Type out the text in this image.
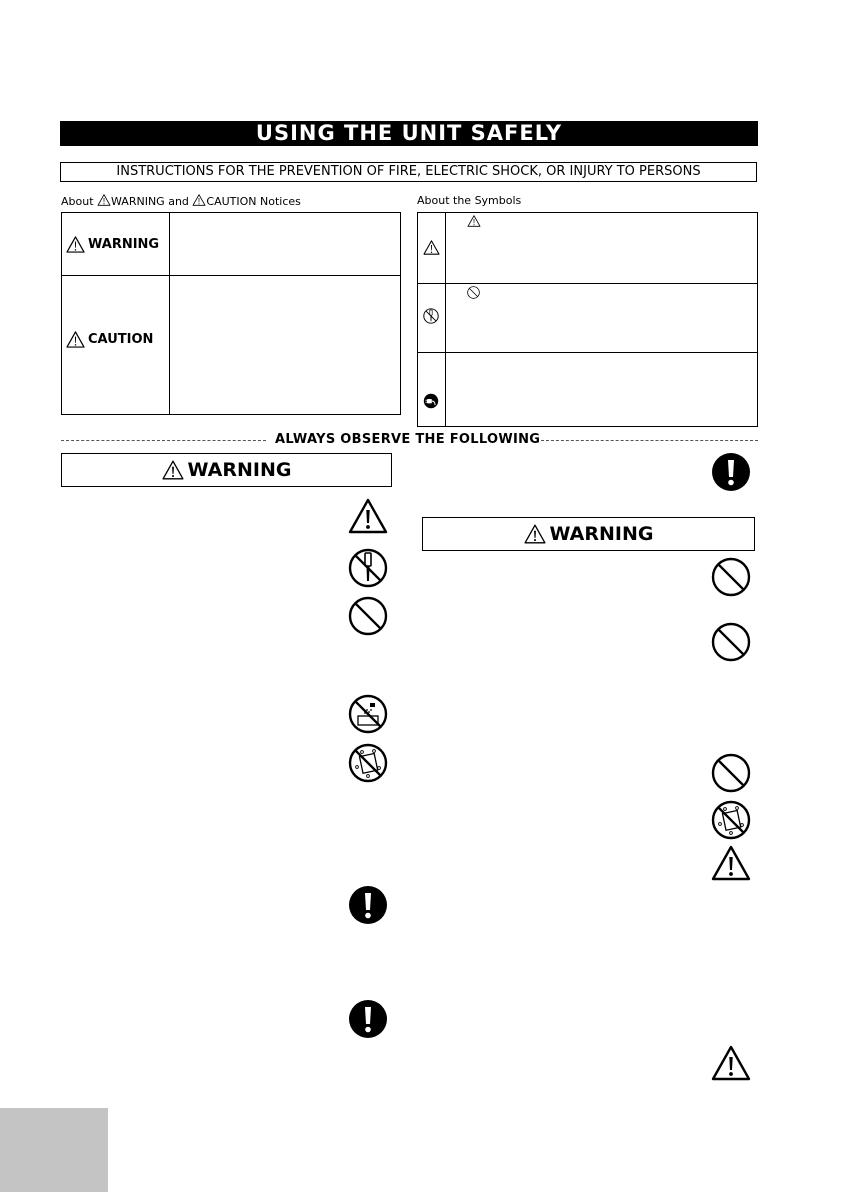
USING THE UNIT SAFELY
INSTRUCTIONS FOR THE PREVENTION OF FIRE, ELECTRIC SHOCK, OR INJURY TO PERSONS
About WARNING and CAUTION Notices
WARNING
CAUTION
About the Symbols
ALWAYS OBSERVE THE FOLLOWING
WARNING
WARNING
